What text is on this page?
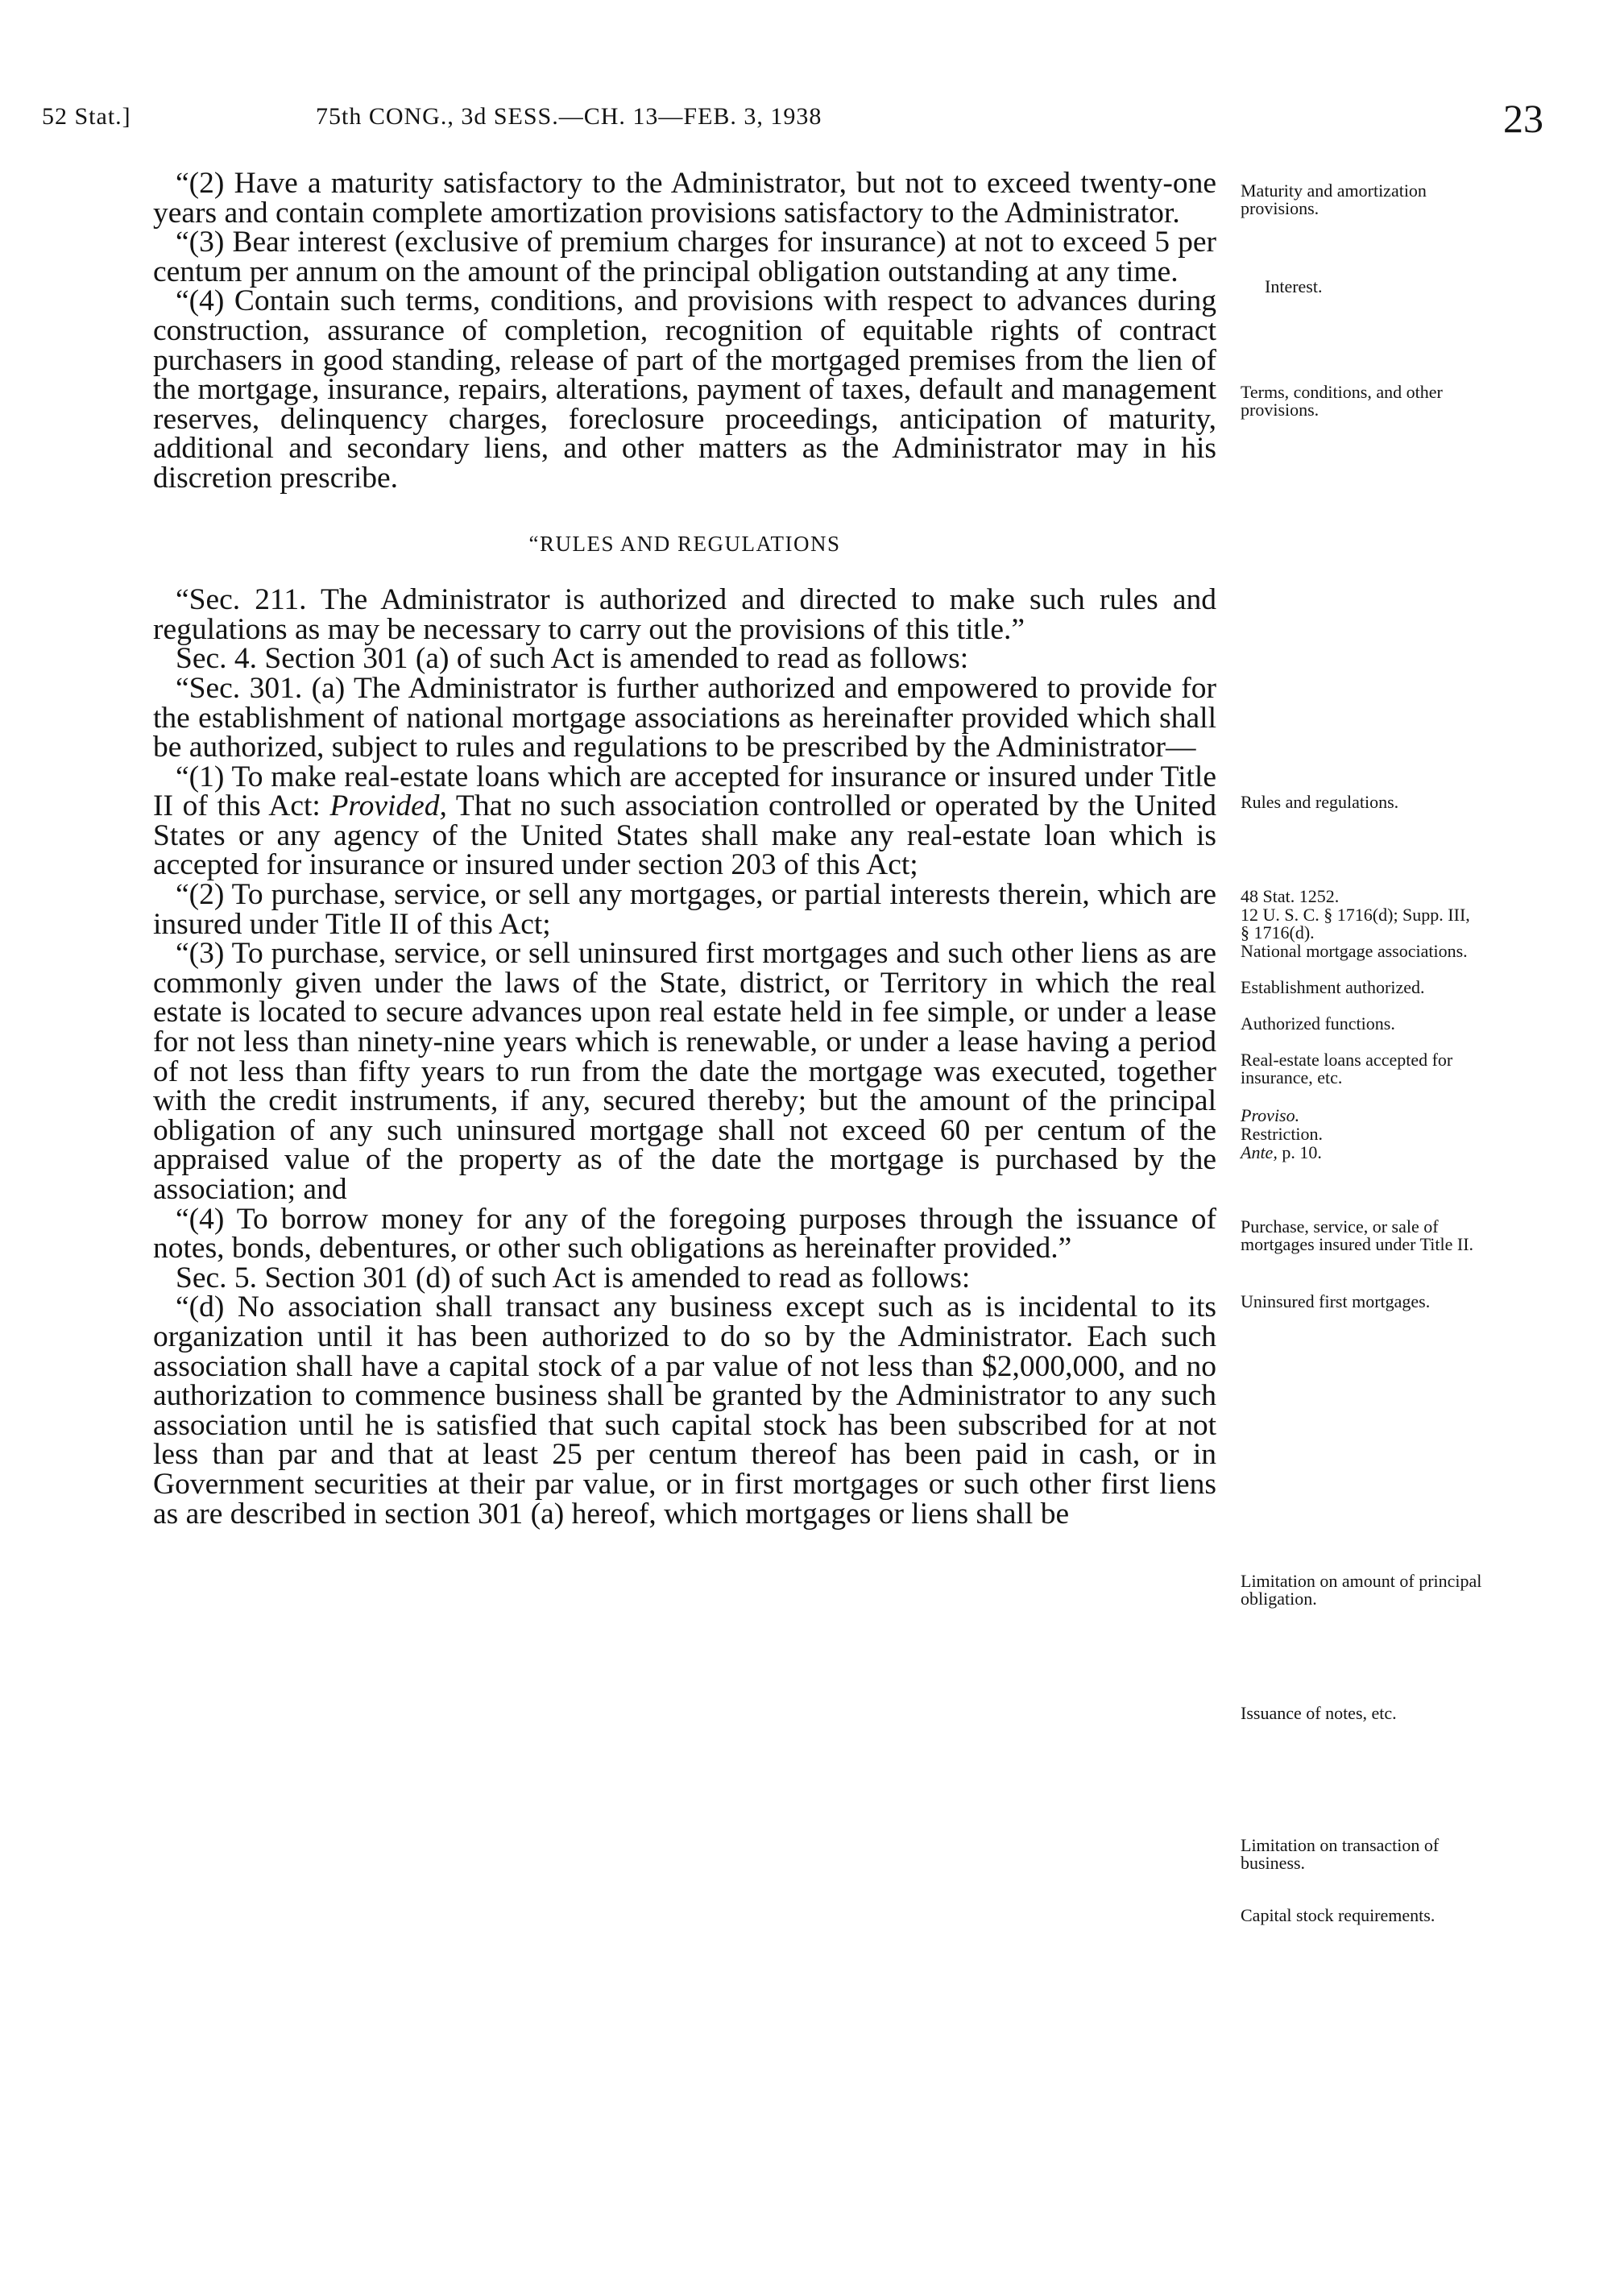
52 Stat.]	75th CONG., 3d SESS.—CH. 13—FEB. 3, 1938	23

“(2) Have a maturity satisfactory to the Administrator, but not to exceed twenty-one years and contain complete amortization provisions satisfactory to the Administrator.

“(3) Bear interest (exclusive of premium charges for insurance) at not to exceed 5 per centum per annum on the amount of the principal obligation outstanding at any time.

“(4) Contain such terms, conditions, and provisions with respect to advances during construction, assurance of completion, recognition of equitable rights of contract purchasers in good standing, release of part of the mortgaged premises from the lien of the mortgage, insurance, repairs, alterations, payment of taxes, default and management reserves, delinquency charges, foreclosure proceedings, anticipation of maturity, additional and secondary liens, and other matters as the Administrator may in his discretion prescribe.

“RULES AND REGULATIONS

“Sec. 211. The Administrator is authorized and directed to make such rules and regulations as may be necessary to carry out the provisions of this title.”

Sec. 4. Section 301 (a) of such Act is amended to read as follows:

“Sec. 301. (a) The Administrator is further authorized and empowered to provide for the establishment of national mortgage associations as hereinafter provided which shall be authorized, subject to rules and regulations to be prescribed by the Administrator—

“(1) To make real-estate loans which are accepted for insurance or insured under Title II of this Act: Provided, That no such association controlled or operated by the United States or any agency of the United States shall make any real-estate loan which is accepted for insurance or insured under section 203 of this Act;

“(2) To purchase, service, or sell any mortgages, or partial interests therein, which are insured under Title II of this Act;

“(3) To purchase, service, or sell uninsured first mortgages and such other liens as are commonly given under the laws of the State, district, or Territory in which the real estate is located to secure advances upon real estate held in fee simple, or under a lease for not less than ninety-nine years which is renewable, or under a lease having a period of not less than fifty years to run from the date the mortgage was executed, together with the credit instruments, if any, secured thereby; but the amount of the principal obligation of any such uninsured mortgage shall not exceed 60 per centum of the appraised value of the property as of the date the mortgage is purchased by the association; and

“(4) To borrow money for any of the foregoing purposes through the issuance of notes, bonds, debentures, or other such obligations as hereinafter provided.”

Sec. 5. Section 301 (d) of such Act is amended to read as follows:

“(d) No association shall transact any business except such as is incidental to its organization until it has been authorized to do so by the Administrator. Each such association shall have a capital stock of a par value of not less than $2,000,000, and no authorization to commence business shall be granted by the Administrator to any such association until he is satisfied that such capital stock has been subscribed for at not less than par and that at least 25 per centum thereof has been paid in cash, or in Government securities at their par value, or in first mortgages or such other first liens as are described in section 301 (a) hereof, which mortgages or liens shall be

Maturity and amortization provisions.
Interest.
Terms, conditions, and other provisions.
Rules and regulations.
48 Stat. 1252.
12 U. S. C. § 1716(d); Supp. III, § 1716(d).
National mortgage associations.
Establishment authorized.
Authorized functions.
Real-estate loans accepted for insurance, etc.
Proviso.
Restriction.
Ante, p. 10.
Purchase, service, or sale of mortgages insured under Title II.
Uninsured first mortgages.
Limitation on amount of principal obligation.
Issuance of notes, etc.
Limitation on transaction of business.
Capital stock requirements.
